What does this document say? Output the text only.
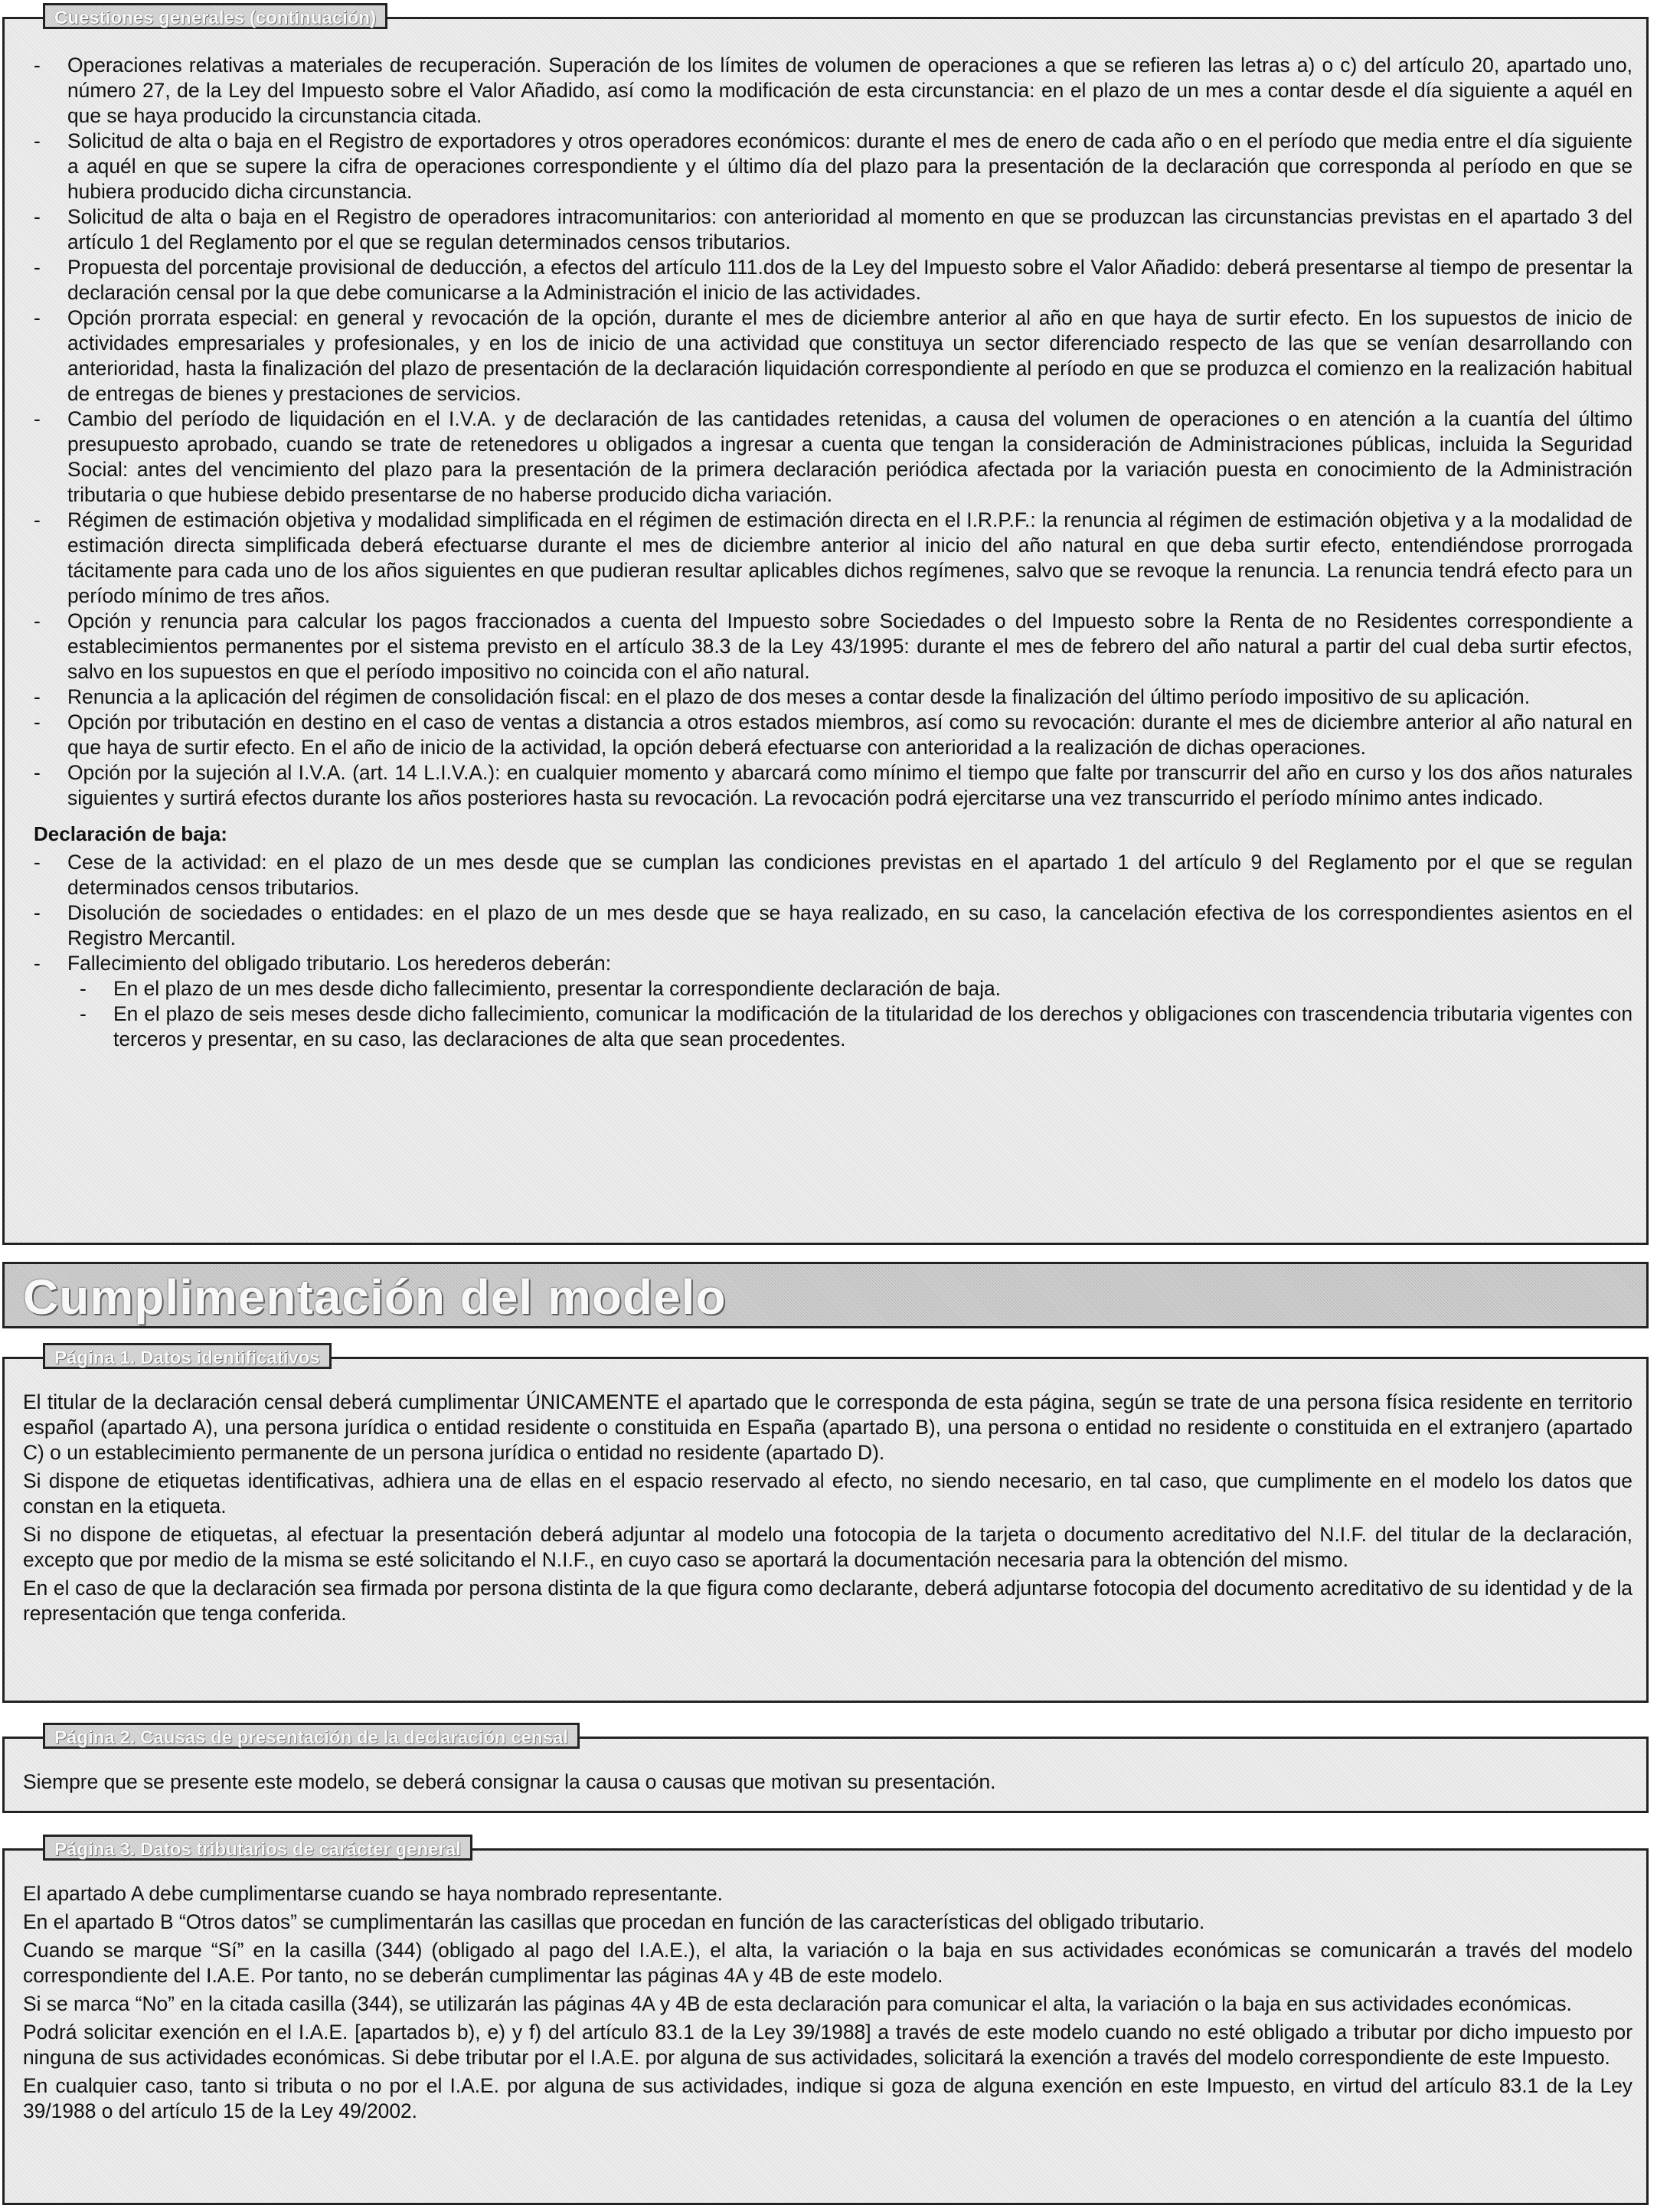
- Operaciones relativas a materiales de recuperación. Superación de los límites de volumen de operaciones a que se refieren las letras a) o c) del artículo 20, apartado uno, número 27, de la Ley del Impuesto sobre el Valor Añadido, así como la modificación de esta circunstancia: en el plazo de un mes a contar desde el día siguiente a aquél en que se haya producido la circunstancia citada.
- Solicitud de alta o baja en el Registro de exportadores y otros operadores económicos: durante el mes de enero de cada año o en el período que media entre el día siguiente a aquél en que se supere la cifra de operaciones correspondiente y el último día del plazo para la presentación de la declaración que corresponda al período en que se hubiera producido dicha circunstancia.
- Solicitud de alta o baja en el Registro de operadores intracomunitarios: con anterioridad al momento en que se produzcan las circunstancias previstas en el apartado 3 del artículo 1 del Reglamento por el que se regulan determinados censos tributarios.
- Propuesta del porcentaje provisional de deducción, a efectos del artículo 111.dos de la Ley del Impuesto sobre el Valor Añadido: deberá presentarse al tiempo de presentar la declaración censal por la que debe comunicarse a la Administración el inicio de las actividades.
- Opción prorrata especial: en general y revocación de la opción, durante el mes de diciembre anterior al año en que haya de surtir efecto. En los supuestos de inicio de actividades empresariales y profesionales, y en los de inicio de una actividad que constituya un sector diferenciado respecto de las que se venían desarrollando con anterioridad, hasta la finalización del plazo de presentación de la declaración liquidación correspondiente al período en que se produzca el comienzo en la realización habitual de entregas de bienes y prestaciones de servicios.
- Cambio del período de liquidación en el I.V.A. y de declaración de las cantidades retenidas, a causa del volumen de operaciones o en atención a la cuantía del último presupuesto aprobado, cuando se trate de retenedores u obligados a ingresar a cuenta que tengan la consideración de Administraciones públicas, incluida la Seguridad Social: antes del vencimiento del plazo para la presentación de la primera declaración periódica afectada por la variación puesta en conocimiento de la Administración tributaria o que hubiese debido presentarse de no haberse producido dicha variación.
- Régimen de estimación objetiva y modalidad simplificada en el régimen de estimación directa en el I.R.P.F.: la renuncia al régimen de estimación objetiva y a la modalidad de estimación directa simplificada deberá efectuarse durante el mes de diciembre anterior al inicio del año natural en que deba surtir efecto, entendiéndose prorrogada tácitamente para cada uno de los años siguientes en que pudieran resultar aplicables dichos regímenes, salvo que se revoque la renuncia. La renuncia tendrá efecto para un período mínimo de tres años.
- Opción y renuncia para calcular los pagos fraccionados a cuenta del Impuesto sobre Sociedades o del Impuesto sobre la Renta de no Residentes correspondiente a establecimientos permanentes por el sistema previsto en el artículo 38.3 de la Ley 43/1995: durante el mes de febrero del año natural a partir del cual deba surtir efectos, salvo en los supuestos en que el período impositivo no coincida con el año natural.
- Renuncia a la aplicación del régimen de consolidación fiscal: en el plazo de dos meses a contar desde la finalización del último período impositivo de su aplicación.
- Opción por tributación en destino en el caso de ventas a distancia a otros estados miembros, así como su revocación: durante el mes de diciembre anterior al año natural en que haya de surtir efecto. En el año de inicio de la actividad, la opción deberá efectuarse con anterioridad a la realización de dichas operaciones.
- Opción por la sujeción al I.V.A. (art. 14 L.I.V.A.): en cualquier momento y abarcará como mínimo el tiempo que falte por transcurrir del año en curso y los dos años naturales siguientes y surtirá efectos durante los años posteriores hasta su revocación. La revocación podrá ejercitarse una vez transcurrido el período mínimo antes indicado.
Declaración de baja:
- Cese de la actividad: en el plazo de un mes desde que se cumplan las condiciones previstas en el apartado 1 del artículo 9 del Reglamento por el que se regulan determinados censos tributarios.
- Disolución de sociedades o entidades: en el plazo de un mes desde que se haya realizado, en su caso, la cancelación efectiva de los correspondientes asientos en el Registro Mercantil.
- Fallecimiento del obligado tributario. Los herederos deberán:
- En el plazo de un mes desde dicho fallecimiento, presentar la correspondiente declaración de baja.
- En el plazo de seis meses desde dicho fallecimiento, comunicar la modificación de la titularidad de los derechos y obligaciones con trascendencia tributaria vigentes con terceros y presentar, en su caso, las declaraciones de alta que sean procedentes.
Cuestiones generales (continuación)
Cumplimentación del modelo

El titular de la declaración censal deberá cumplimentar ÚNICAMENTE el apartado que le corresponda de esta página, según se trate de una persona física residente en territorio español (apartado A), una persona jurídica o entidad residente o constituida en España (apartado B), una persona o entidad no residente o constituida en el extranjero (apartado C) o un establecimiento permanente de un persona jurídica o entidad no residente (apartado D).

Si dispone de etiquetas identificativas, adhiera una de ellas en el espacio reservado al efecto, no siendo necesario, en tal caso, que cumplimente en el modelo los datos que constan en la etiqueta.

Si no dispone de etiquetas, al efectuar la presentación deberá adjuntar al modelo una fotocopia de la tarjeta o documento acreditativo del N.I.F. del titular de la declaración, excepto que por medio de la misma se esté solicitando el N.I.F., en cuyo caso se aportará la documentación necesaria para la obtención del mismo.

En el caso de que la declaración sea firmada por persona distinta de la que figura como declarante, deberá adjuntarse fotocopia del documento acreditativo de su identidad y de la representación que tenga conferida.

Página 1. Datos identificativos

Siempre que se presente este modelo, se deberá consignar la causa o causas que motivan su presentación.

Página 2. Causas de presentación de la declaración censal

El apartado A debe cumplimentarse cuando se haya nombrado representante.

En el apartado B “Otros datos” se cumplimentarán las casillas que procedan en función de las características del obligado tributario.

Cuando se marque “Sí” en la casilla (344) (obligado al pago del I.A.E.), el alta, la variación o la baja en sus actividades económicas se comunicarán a través del modelo correspondiente del I.A.E. Por tanto, no se deberán cumplimentar las páginas 4A y 4B de este modelo.

Si se marca “No” en la citada casilla (344), se utilizarán las páginas 4A y 4B de esta declaración para comunicar el alta, la variación o la baja en sus actividades económicas.

Podrá solicitar exención en el I.A.E. [apartados b), e) y f) del artículo 83.1 de la Ley 39/1988] a través de este modelo cuando no esté obligado a tributar por dicho impuesto por ninguna de sus actividades económicas. Si debe tributar por el I.A.E. por alguna de sus actividades, solicitará la exención a través del modelo correspondiente de este Impuesto.

En cualquier caso, tanto si tributa o no por el I.A.E. por alguna de sus actividades, indique si goza de alguna exención en este Impuesto, en virtud del artículo 83.1 de la Ley 39/1988 o del artículo 15 de la Ley 49/2002.

Página 3. Datos tributarios de carácter general
